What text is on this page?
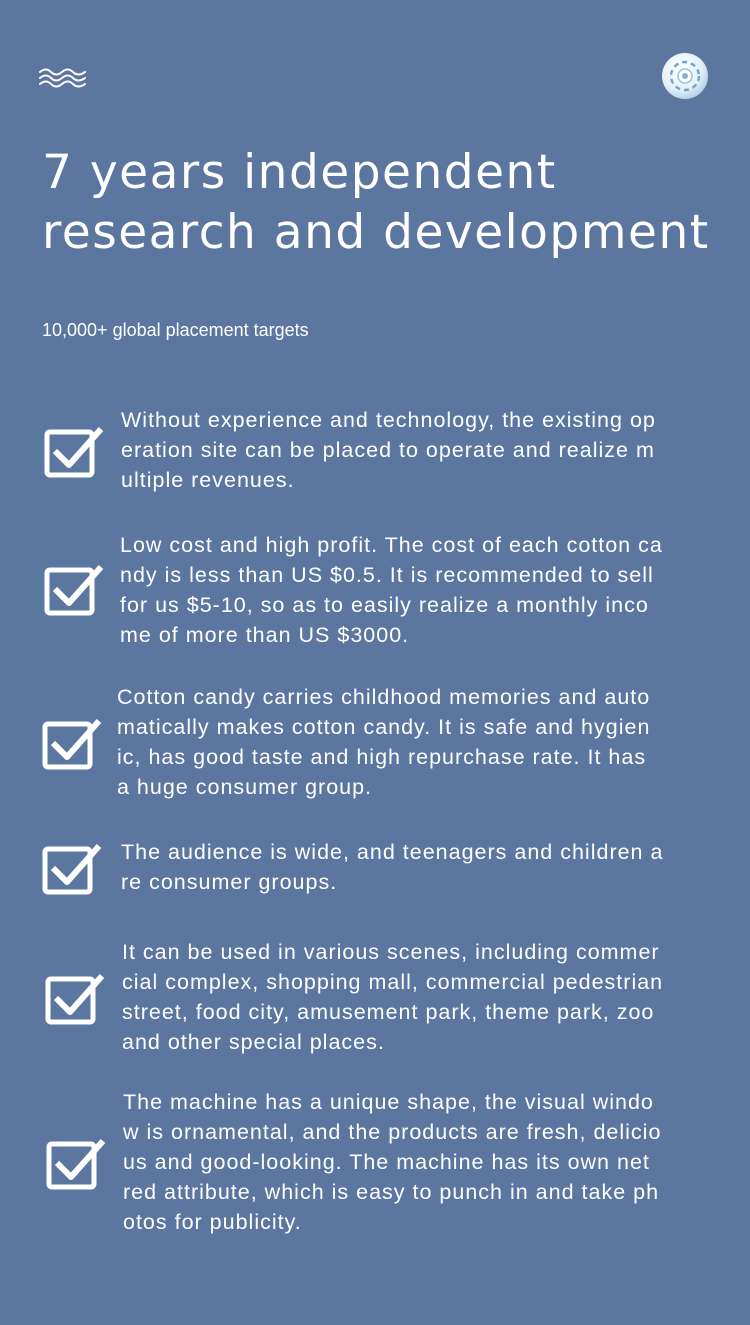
7 years independent
research and development

10,000+ global placement targets

Without experience and technology, the existing op
eration site can be placed to operate and realize m
ultiple revenues.

Low cost and high profit. The cost of each cotton ca
ndy is less than US $0.5. It is recommended to sell
for us $5-10, so as to easily realize a monthly inco
me of more than US $3000.

Cotton candy carries childhood memories and auto
matically makes cotton candy. It is safe and hygien
ic, has good taste and high repurchase rate. It has
a huge consumer group.

The audience is wide, and teenagers and children a
re consumer groups.

It can be used in various scenes, including commer
cial complex, shopping mall, commercial pedestrian
street, food city, amusement park, theme park, zoo
and other special places.

The machine has a unique shape, the visual windo
w is ornamental, and the products are fresh, delicio
us and good-looking. The machine has its own net
red attribute, which is easy to punch in and take ph
otos for publicity.
